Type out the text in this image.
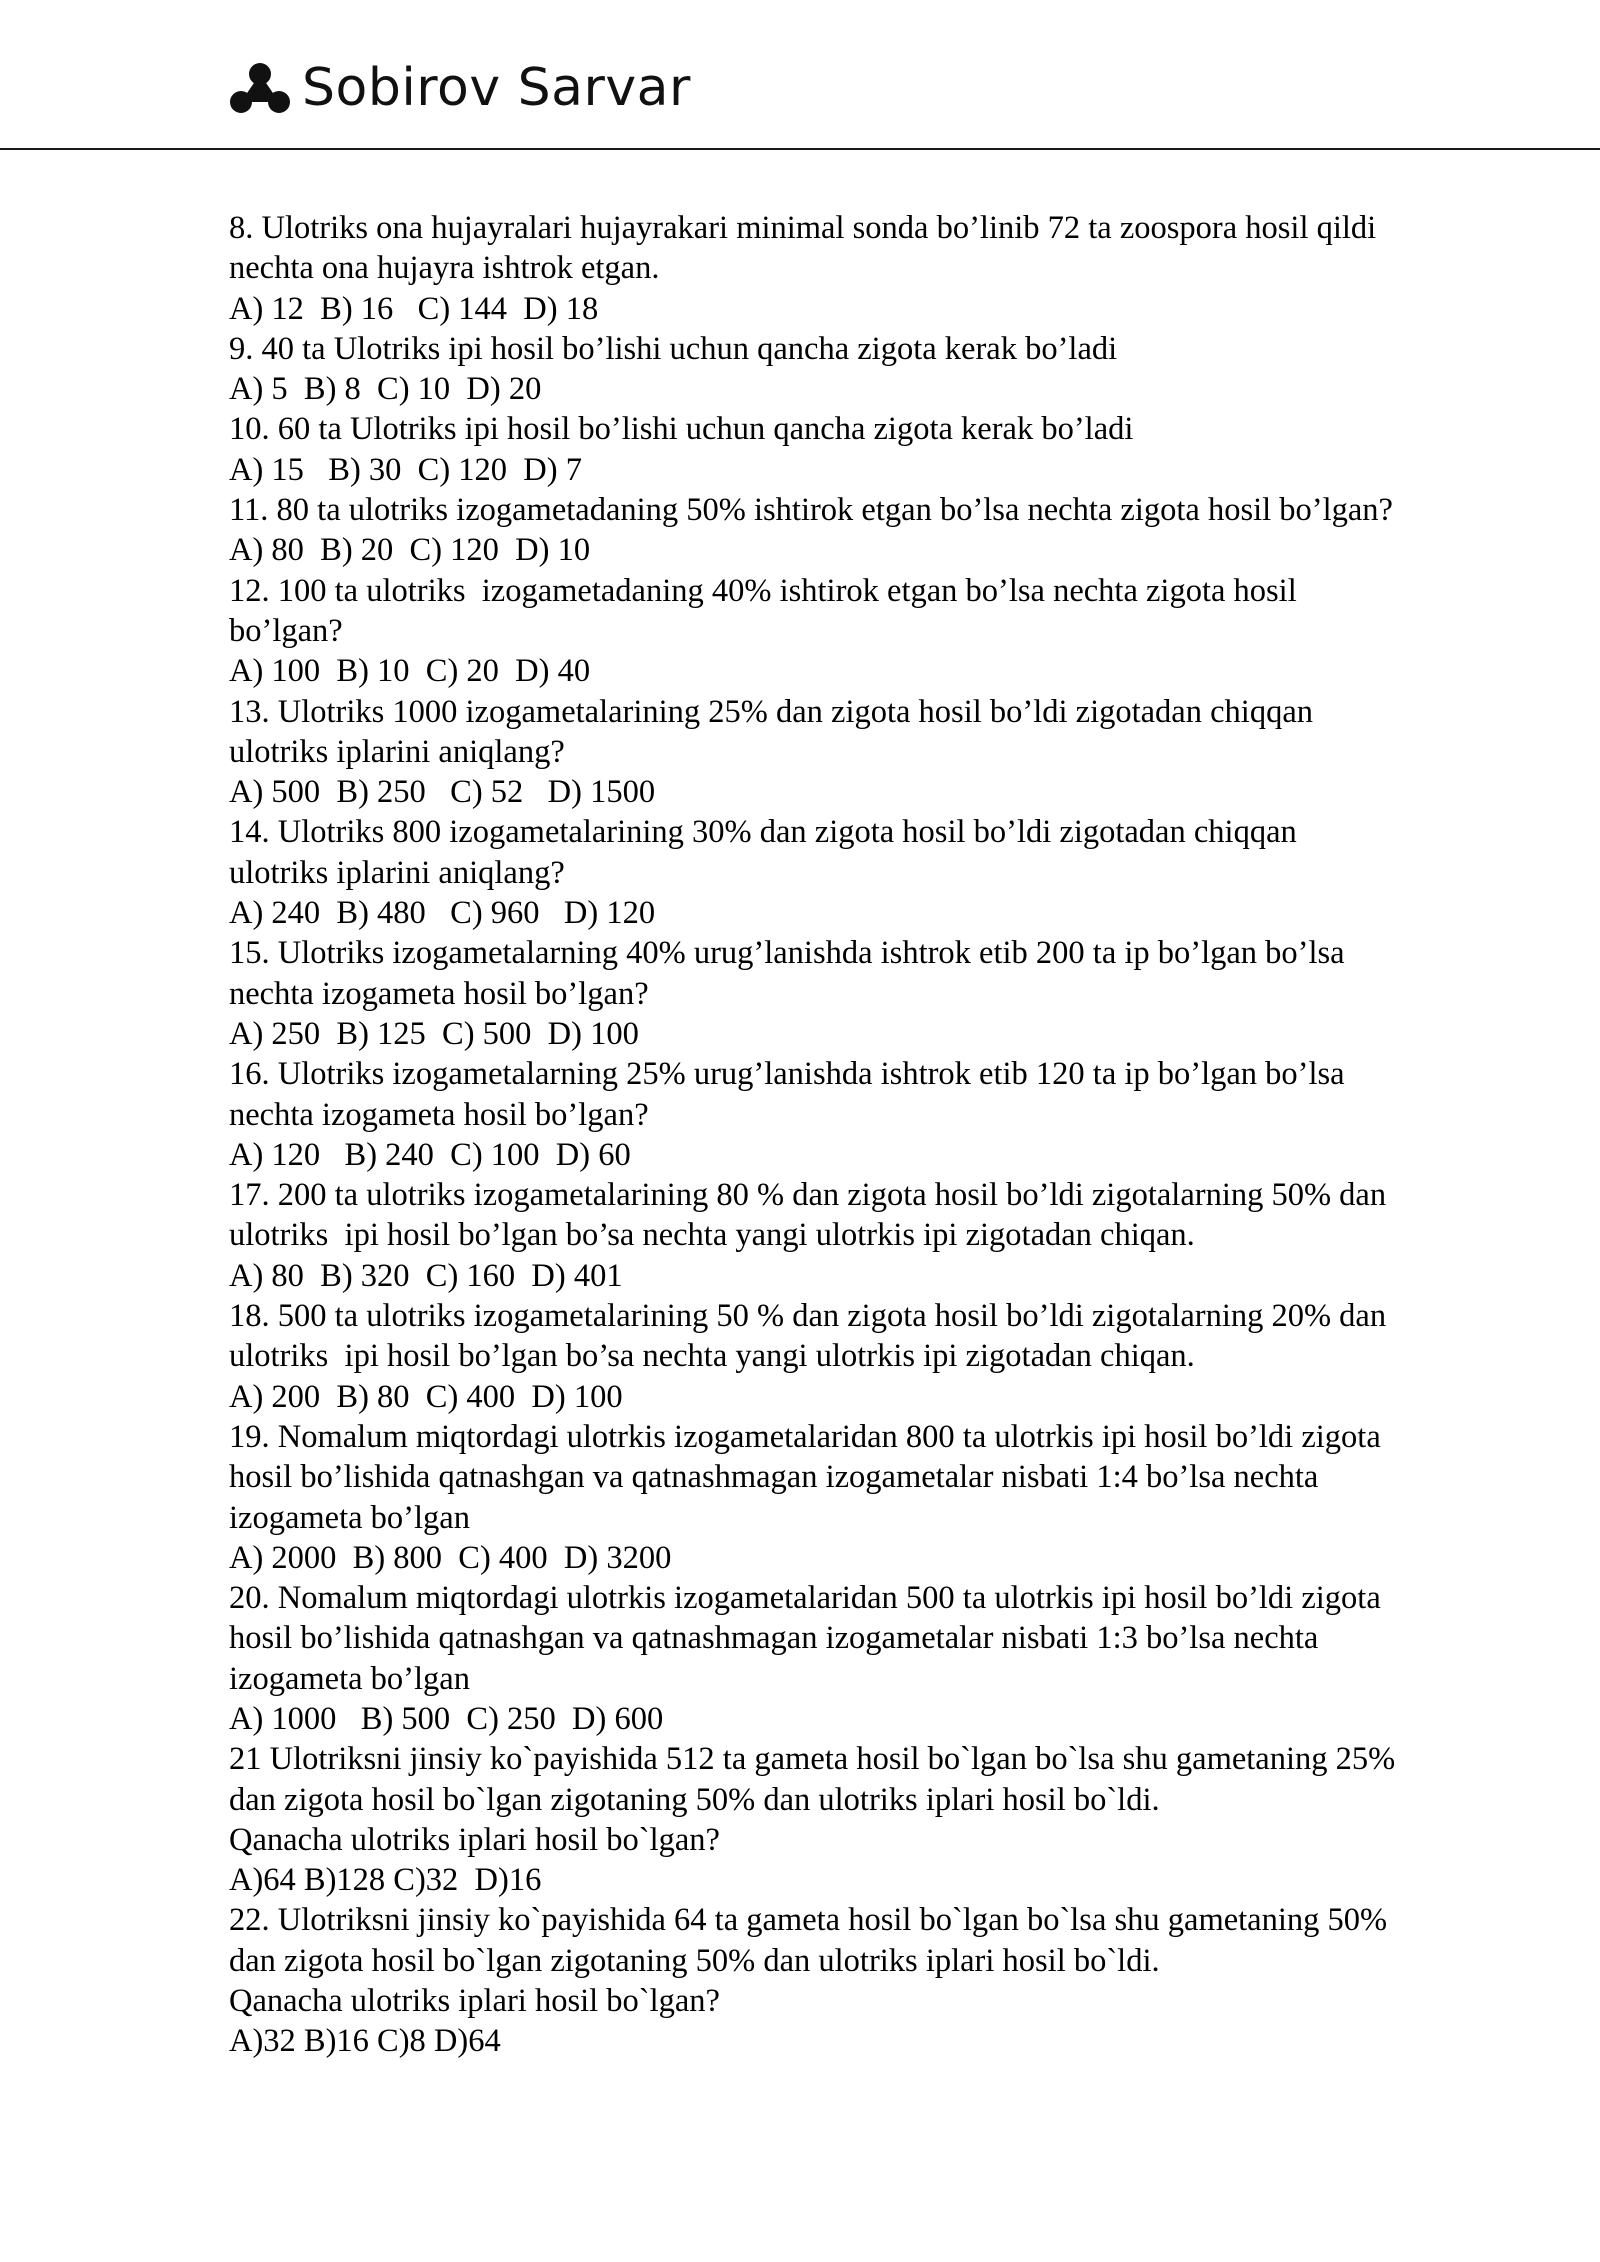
Sobirov Sarvar
8. Ulotriks ona hujayralari hujayrakari minimal sonda bo’linib 72 ta zoospora hosil qildi
nechta ona hujayra ishtrok etgan.
A) 12  B) 16   C) 144  D) 18
9. 40 ta Ulotriks ipi hosil bo’lishi uchun qancha zigota kerak bo’ladi
A) 5  B) 8  C) 10  D) 20
10. 60 ta Ulotriks ipi hosil bo’lishi uchun qancha zigota kerak bo’ladi
A) 15   B) 30  C) 120  D) 7
11. 80 ta ulotriks izogametadaning 50% ishtirok etgan bo’lsa nechta zigota hosil bo’lgan?
A) 80  B) 20  C) 120  D) 10
12. 100 ta ulotriks  izogametadaning 40% ishtirok etgan bo’lsa nechta zigota hosil
bo’lgan?
A) 100  B) 10  C) 20  D) 40
13. Ulotriks 1000 izogametalarining 25% dan zigota hosil bo’ldi zigotadan chiqqan
ulotriks iplarini aniqlang?
A) 500  B) 250   C) 52   D) 1500
14. Ulotriks 800 izogametalarining 30% dan zigota hosil bo’ldi zigotadan chiqqan
ulotriks iplarini aniqlang?
A) 240  B) 480   C) 960   D) 120
15. Ulotriks izogametalarning 40% urug’lanishda ishtrok etib 200 ta ip bo’lgan bo’lsa
nechta izogameta hosil bo’lgan?
A) 250  B) 125  C) 500  D) 100
16. Ulotriks izogametalarning 25% urug’lanishda ishtrok etib 120 ta ip bo’lgan bo’lsa
nechta izogameta hosil bo’lgan?
A) 120   B) 240  C) 100  D) 60
17. 200 ta ulotriks izogametalarining 80 % dan zigota hosil bo’ldi zigotalarning 50% dan
ulotriks  ipi hosil bo’lgan bo’sa nechta yangi ulotrkis ipi zigotadan chiqan.
A) 80  B) 320  C) 160  D) 401
18. 500 ta ulotriks izogametalarining 50 % dan zigota hosil bo’ldi zigotalarning 20% dan
ulotriks  ipi hosil bo’lgan bo’sa nechta yangi ulotrkis ipi zigotadan chiqan.
A) 200  B) 80  C) 400  D) 100
19. Nomalum miqtordagi ulotrkis izogametalaridan 800 ta ulotrkis ipi hosil bo’ldi zigota
hosil bo’lishida qatnashgan va qatnashmagan izogametalar nisbati 1:4 bo’lsa nechta
izogameta bo’lgan
A) 2000  B) 800  C) 400  D) 3200
20. Nomalum miqtordagi ulotrkis izogametalaridan 500 ta ulotrkis ipi hosil bo’ldi zigota
hosil bo’lishida qatnashgan va qatnashmagan izogametalar nisbati 1:3 bo’lsa nechta
izogameta bo’lgan
A) 1000   B) 500  C) 250  D) 600
21 Ulotriksni jinsiy ko`payishida 512 ta gameta hosil bo`lgan bo`lsa shu gametaning 25%
dan zigota hosil bo`lgan zigotaning 50% dan ulotriks iplari hosil bo`ldi.
Qanacha ulotriks iplari hosil bo`lgan?
A)64 B)128 C)32  D)16
22. Ulotriksni jinsiy ko`payishida 64 ta gameta hosil bo`lgan bo`lsa shu gametaning 50%
dan zigota hosil bo`lgan zigotaning 50% dan ulotriks iplari hosil bo`ldi.
Qanacha ulotriks iplari hosil bo`lgan?
A)32 B)16 C)8 D)64
